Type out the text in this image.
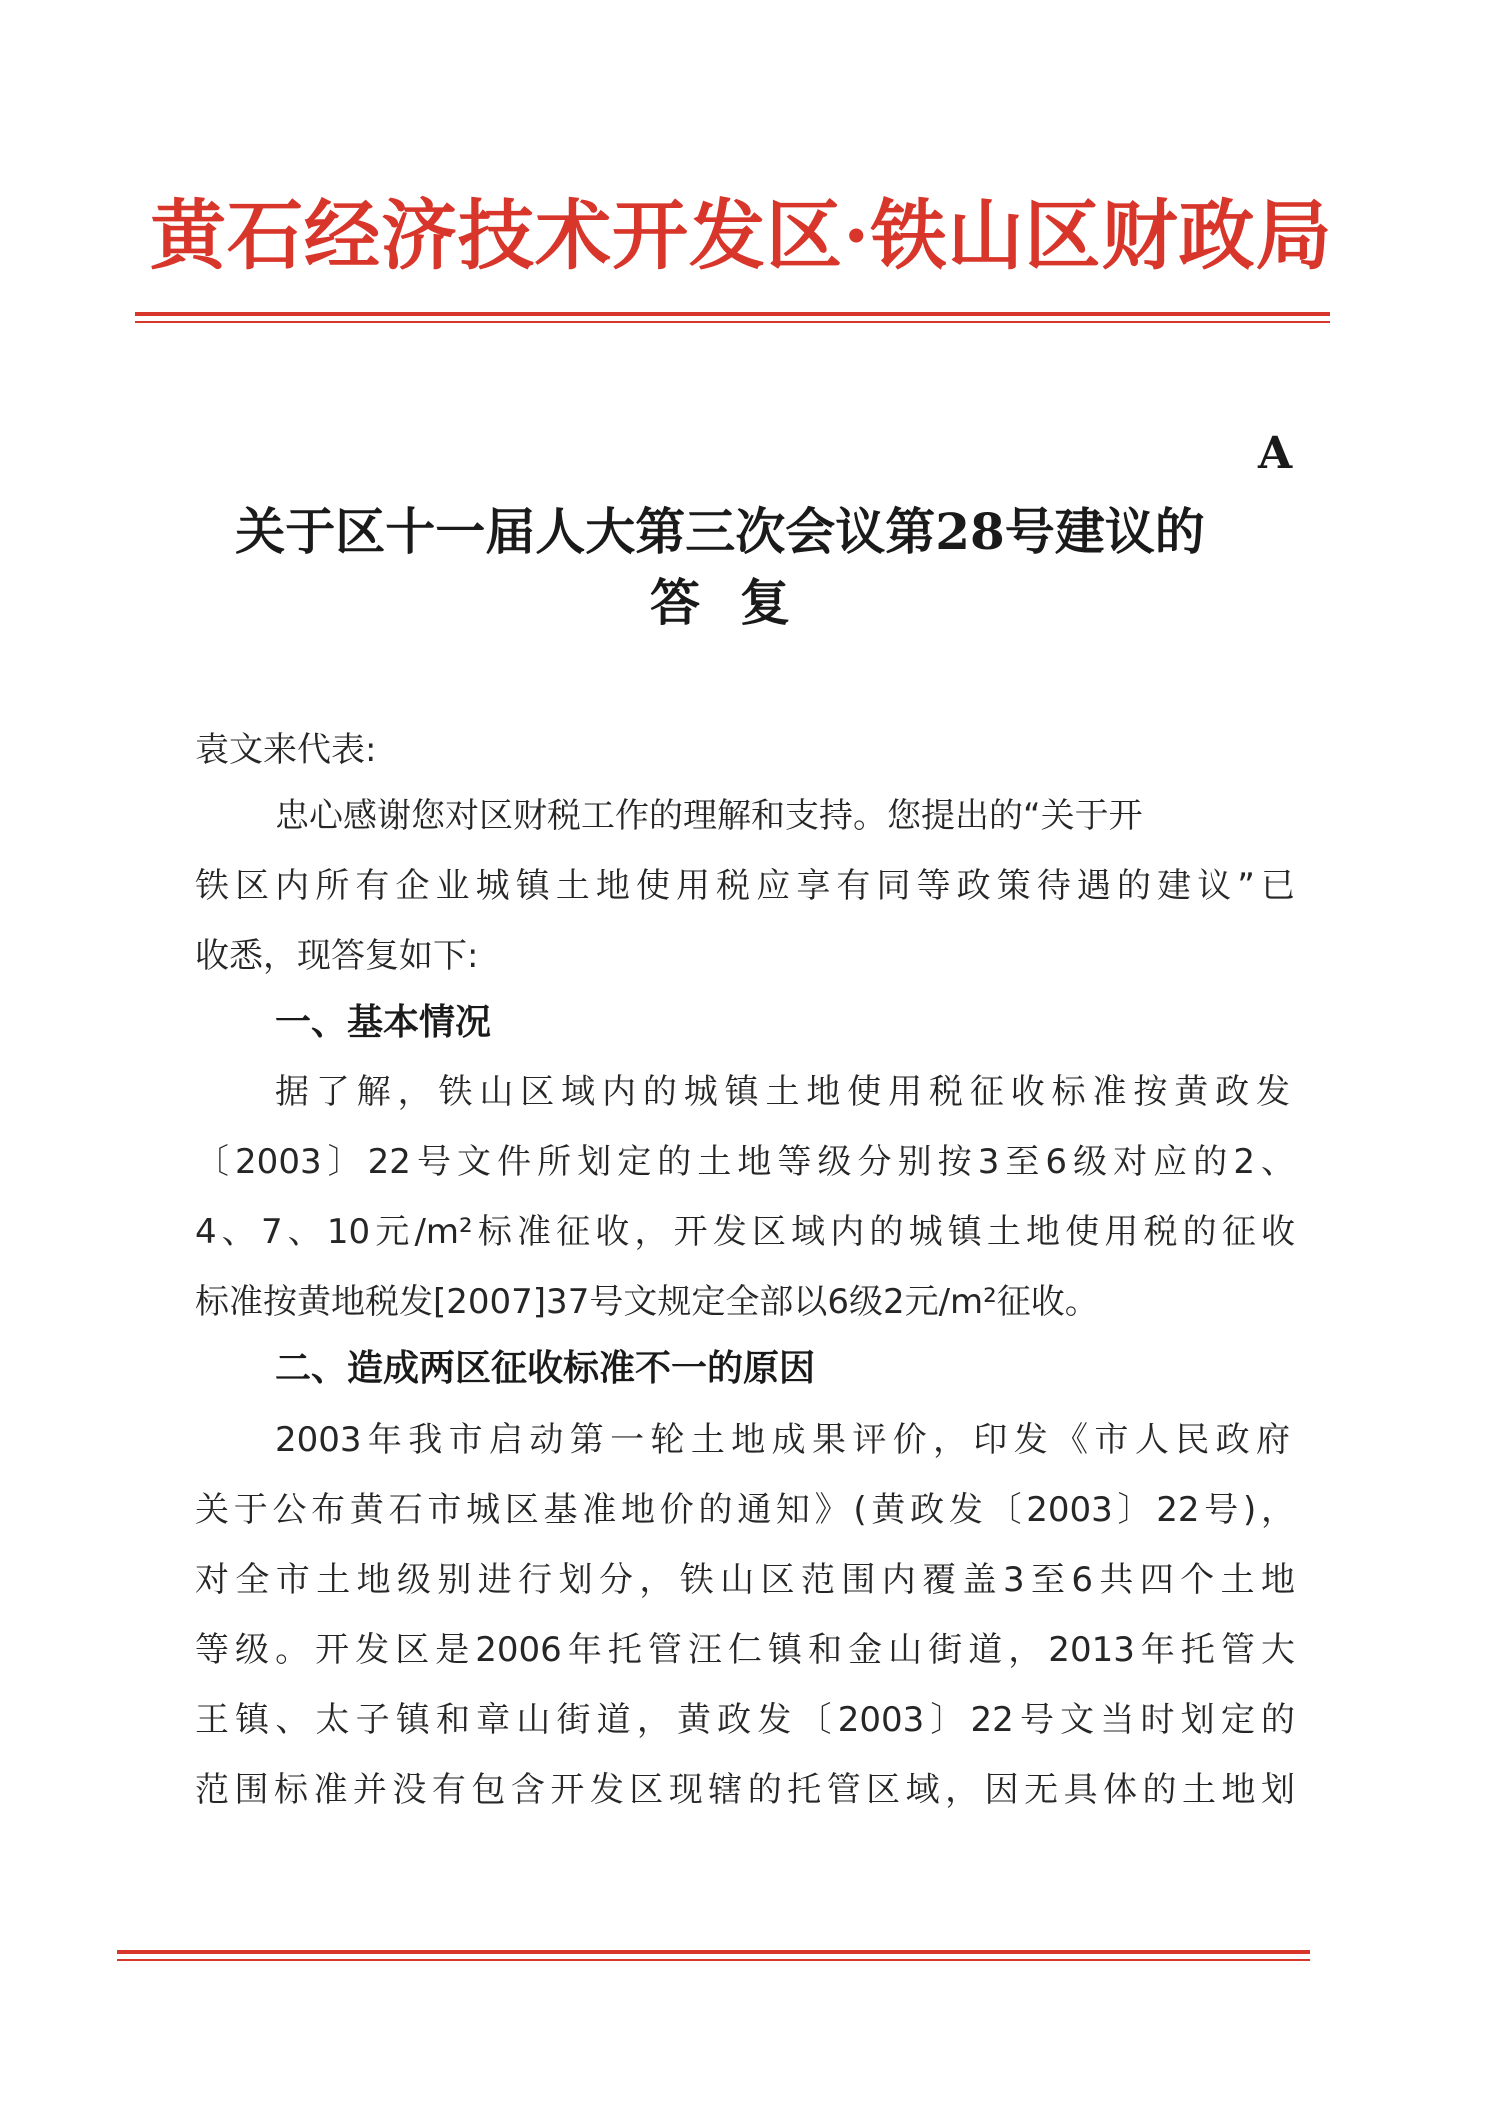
黄石经济技术开发区·铁山区财政局
A
关于区十一届人大第三次会议第28号建议的
答复
袁文来代表:
忠心感谢您对区财税工作的理解和支持。您提出的“关于开
铁区内所有企业城镇土地使用税应享有同等政策待遇的建议”已
收悉，现答复如下:
一、基本情况
据了解，铁山区域内的城镇土地使用税征收标准按黄政发
〔2003〕22号文件所划定的土地等级分别按3至6级对应的2、
4、7、10元/m²标准征收，开发区域内的城镇土地使用税的征收
标准按黄地税发[2007]37号文规定全部以6级2元/m²征收。
二、造成两区征收标准不一的原因
2003年我市启动第一轮土地成果评价，印发《市人民政府
关于公布黄石市城区基准地价的通知》(黄政发〔2003〕22号)，
对全市土地级别进行划分，铁山区范围内覆盖3至6共四个土地
等级。开发区是2006年托管汪仁镇和金山街道，2013年托管大
王镇、太子镇和章山街道，黄政发〔2003〕22号文当时划定的
范围标准并没有包含开发区现辖的托管区域，因无具体的土地划
